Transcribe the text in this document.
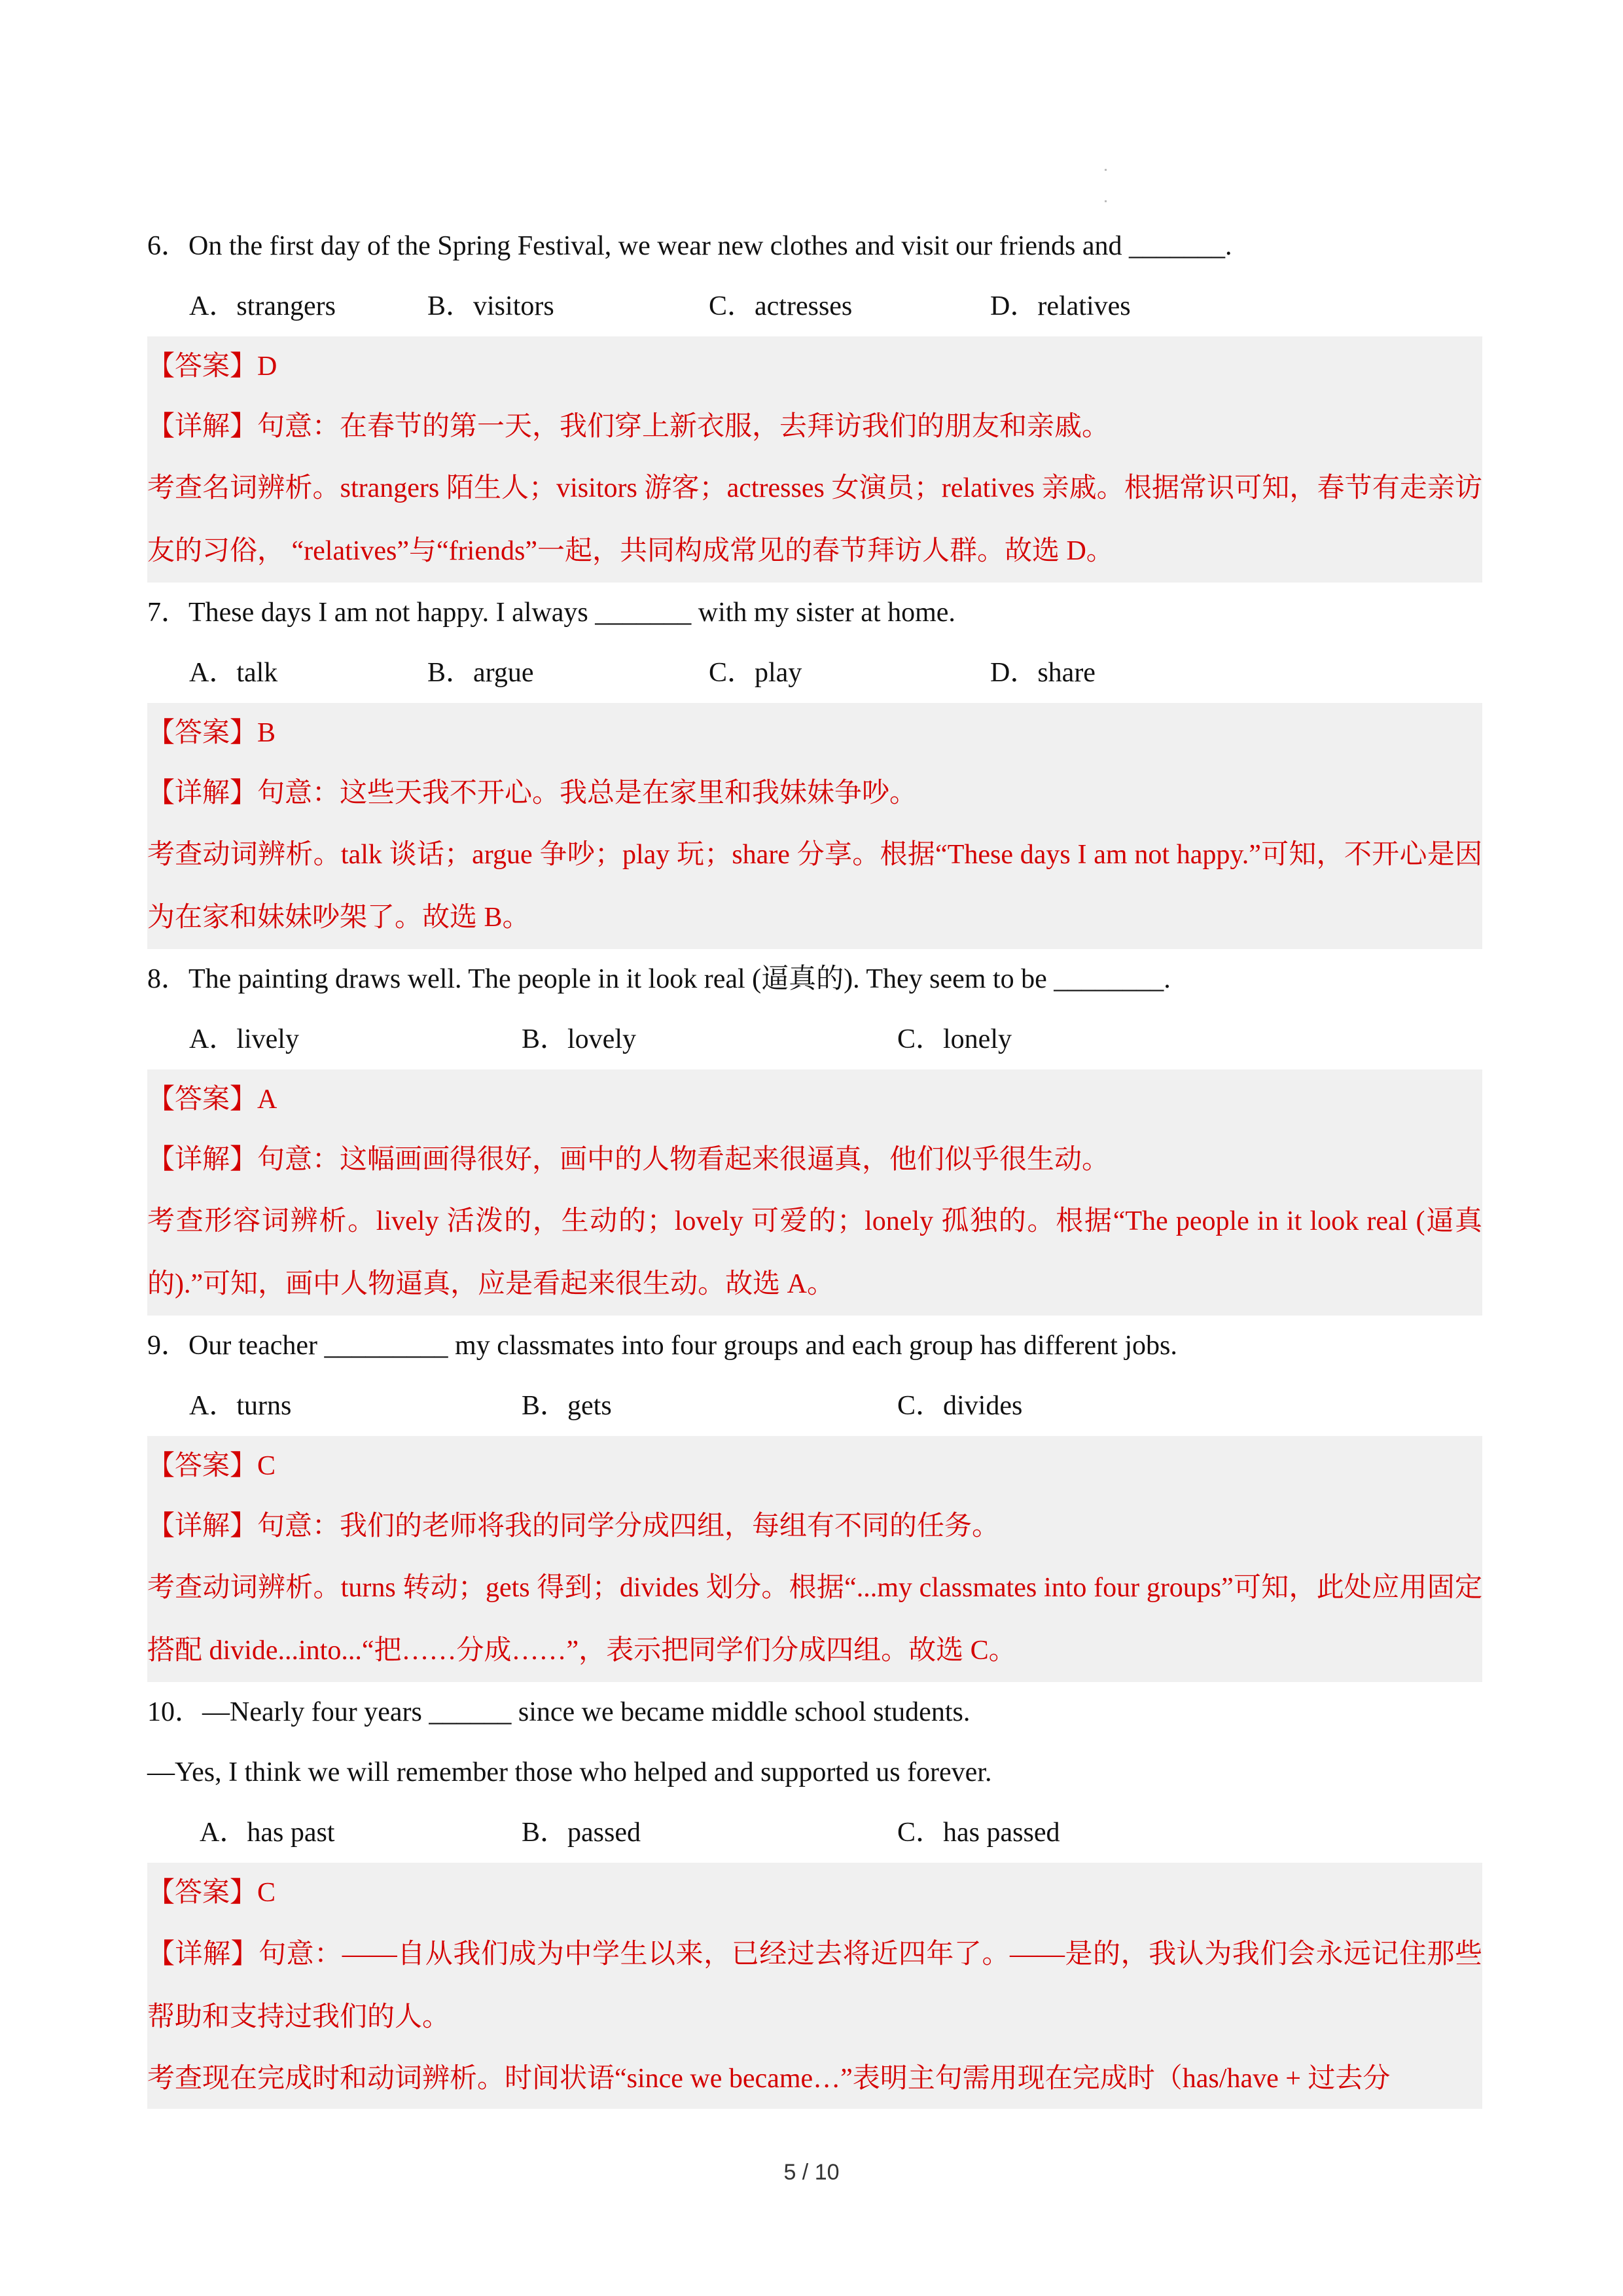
6．On the first day of the Spring Festival, we wear new clothes and visit our friends and _______.
A．strangers	B．visitors	C．actresses	D．relatives
【答案】D
【详解】句意：在春节的第一天，我们穿上新衣服，去拜访我们的朋友和亲戚。
考查名词辨析。strangers 陌生人；visitors 游客；actresses 女演员；relatives 亲戚。根据常识可知，春节有走亲访友的习俗， “relatives”与“friends”一起，共同构成常见的春节拜访人群。故选 D。
7．These days I am not happy. I always _______ with my sister at home.
A．talk	B．argue	C．play	D．share
【答案】B
【详解】句意：这些天我不开心。我总是在家里和我妹妹争吵。
考查动词辨析。talk 谈话；argue 争吵；play 玩；share 分享。根据“These days I am not happy.”可知，不开心是因为在家和妹妹吵架了。故选 B。
8．The painting draws well. The people in it look real (逼真的). They seem to be ________.
A．lively	B．lovely	C．lonely
【答案】A
【详解】句意：这幅画画得很好，画中的人物看起来很逼真，他们似乎很生动。
考查形容词辨析。lively 活泼的，生动的；lovely 可爱的；lonely 孤独的。根据“The people in it look real (逼真的).”可知，画中人物逼真，应是看起来很生动。故选 A。
9．Our teacher _________ my classmates into four groups and each group has different jobs.
A．turns	B．gets	C．divides
【答案】C
【详解】句意：我们的老师将我的同学分成四组，每组有不同的任务。
考查动词辨析。turns 转动；gets 得到；divides 划分。根据“...my classmates into four groups”可知，此处应用固定搭配 divide...into...“把……分成……”，表示把同学们分成四组。故选 C。
10．—Nearly four years ______ since we became middle school students.
—Yes, I think we will remember those who helped and supported us forever.
A．has past	B．passed	C．has passed
【答案】C
【详解】句意：——自从我们成为中学生以来，已经过去将近四年了。——是的，我认为我们会永远记住那些帮助和支持过我们的人。
考查现在完成时和动词辨析。时间状语“since we became…”表明主句需用现在完成时（has/have + 过去分
5 / 10
